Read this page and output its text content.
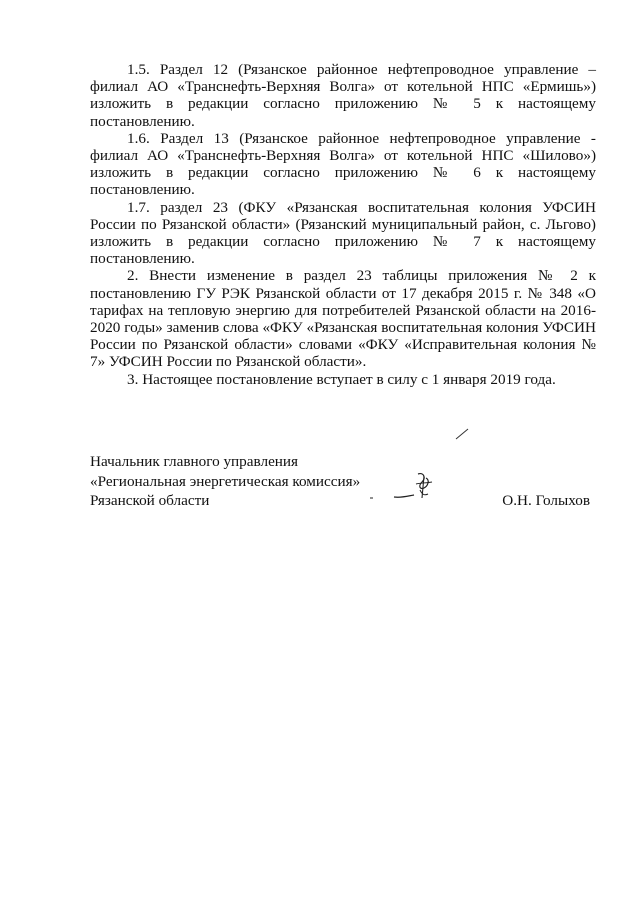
1.5. Раздел 12 (Рязанское районное нефтепроводное управление – филиал АО «Транснефть-Верхняя Волга» от котельной НПС «Ермишь») изложить в редакции согласно приложению № 5 к настоящему постановлению.

1.6. Раздел 13 (Рязанское районное нефтепроводное управление - филиал АО «Транснефть-Верхняя Волга» от котельной НПС «Шилово») изложить в редакции согласно приложению № 6 к настоящему постановлению.

1.7. раздел 23 (ФКУ «Рязанская воспитательная колония УФСИН России по Рязанской области» (Рязанский муниципальный район, с. Льгово) изложить в редакции согласно приложению № 7 к настоящему постановлению.

2. Внести изменение в раздел 23 таблицы приложения № 2 к постановлению ГУ РЭК Рязанской области от 17 декабря 2015 г. № 348 «О тарифах на тепловую энергию для потребителей Рязанской области на 2016-2020 годы» заменив слова «ФКУ «Рязанская воспитательная колония УФСИН России по Рязанской области» словами «ФКУ «Исправительная колония № 7» УФСИН России по Рязанской области».

3. Настоящее постановление вступает в силу с 1 января 2019 года.

Начальник главного управления
«Региональная энергетическая комиссия»
Рязанской области	О.Н. Голыхов
